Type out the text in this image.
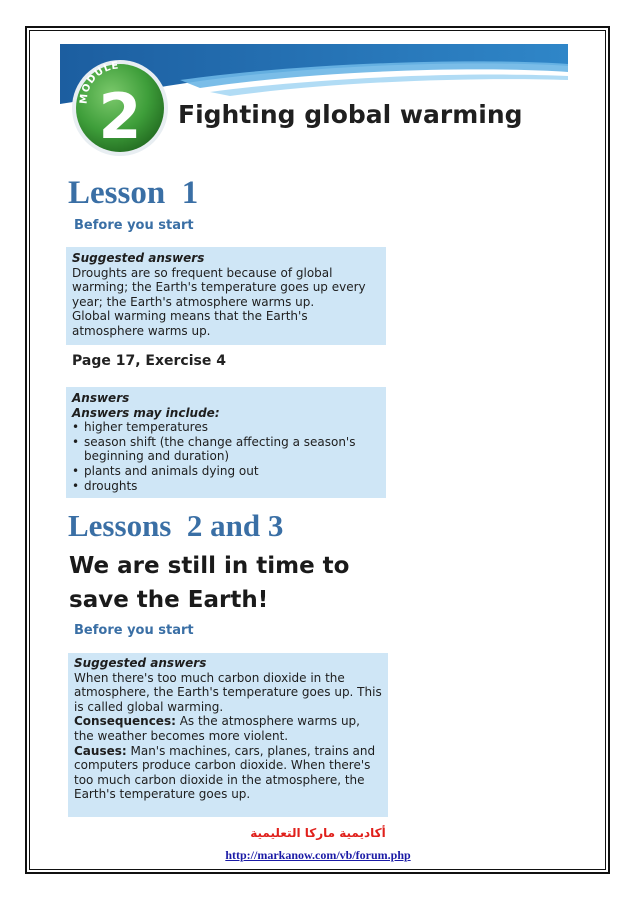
MODULE
2 Fighting global warming
Lesson  1
Before you start
Suggested answers

Droughts are so frequent because of global warming; the Earth's temperature goes up every year; the Earth's atmosphere warms up.

Global warming means that the Earth's atmosphere warms up.

Page 17, Exercise 4
Answers
Answers may include:
• higher temperatures
• season shift (the change affecting a season's beginning and duration)
• plants and animals dying out
• droughts
Lessons  2 and 3
We are still in time to save the Earth!
Before you start
Suggested answers

When there's too much carbon dioxide in the atmosphere, the Earth's temperature goes up. This is called global warming.

Consequences: As the atmosphere warms up, the weather becomes more violent.

Causes: Man's machines, cars, planes, trains and computers produce carbon dioxide. When there's too much carbon dioxide in the atmosphere, the Earth's temperature goes up.

أكاديمية ماركا التعليمية
http://markanow.com/vb/forum.php
